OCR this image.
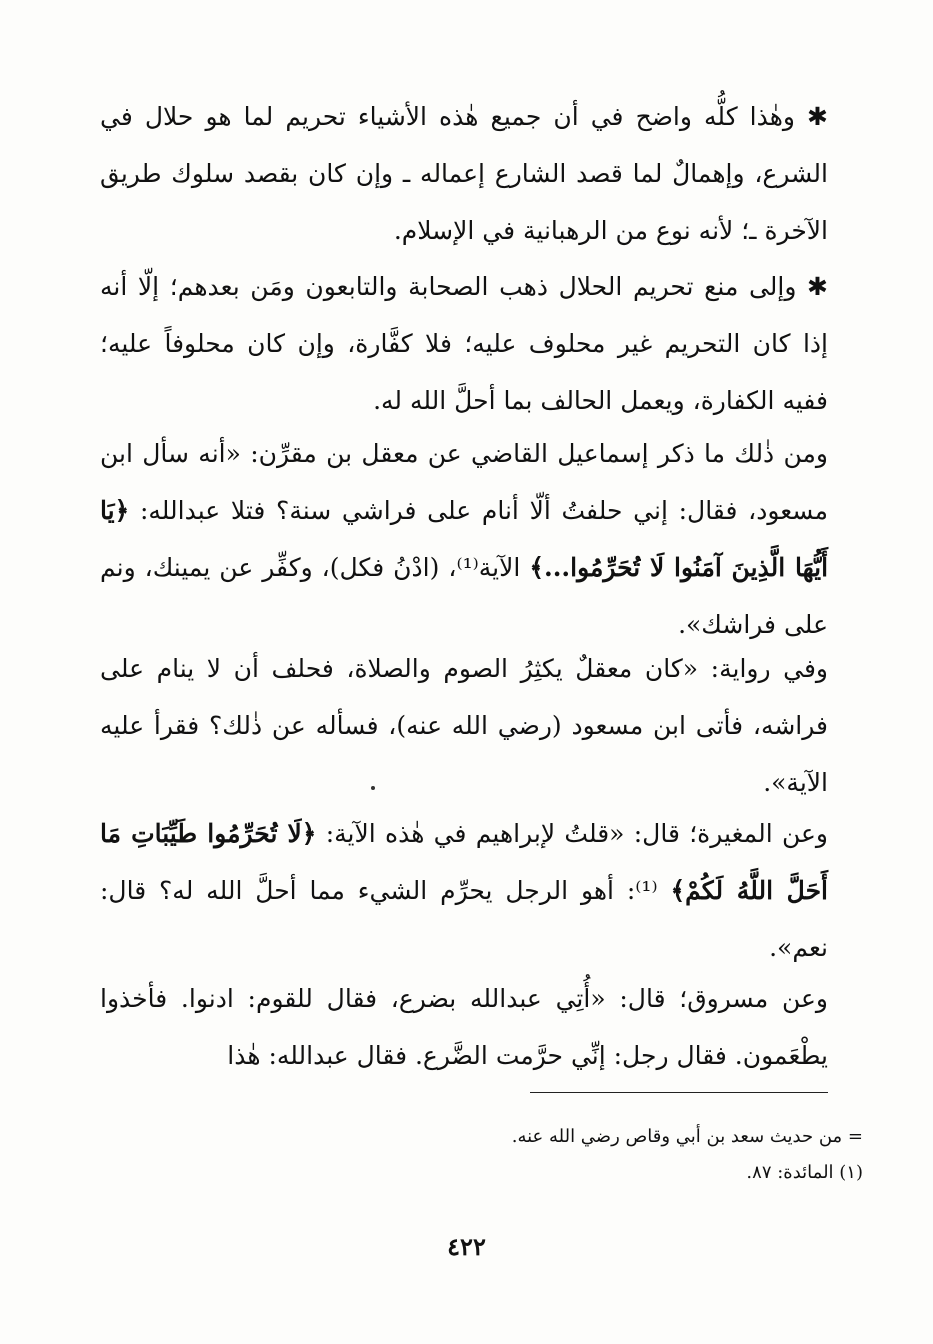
✱ وهٰذا كلُّه واضح في أن جميع هٰذه الأشياء تحريم لما هو حلال في الشرع، وإهمالٌ لما قصد الشارع إعماله ـ وإن كان بقصد سلوك طريق الآخرة ـ؛ لأنه نوع من الرهبانية في الإسلام.

✱ وإلى منع تحريم الحلال ذهب الصحابة والتابعون ومَن بعدهم؛ إلّا أنه إذا كان التحريم غير محلوف عليه؛ فلا كفَّارة، وإن كان محلوفاً عليه؛ ففيه الكفارة، ويعمل الحالف بما أحلَّ الله له.

ومن ذٰلك ما ذكر إسماعيل القاضي عن معقل بن مقرِّن: «أنه سأل ابن مسعود، فقال: إني حلفتُ ألّا أنام على فراشي سنة؟ فتلا عبدالله: ﴿يَا أَيُّهَا الَّذِينَ آمَنُوا لَا تُحَرِّمُوا...﴾ الآية⁽¹⁾، (ادْنُ فكل)، وكفِّر عن يمينك، ونم على فراشك».

وفي رواية: «كان معقلٌ يكثِرُ الصوم والصلاة، فحلف أن لا ينام على فراشه، فأتى ابن مسعود (رضي الله عنه)، فسأله عن ذٰلك؟ فقرأ عليه الآية».

وعن المغيرة؛ قال: «قلتُ لإبراهيم في هٰذه الآية: ﴿لَا تُحَرِّمُوا طَيِّبَاتِ مَا أَحَلَّ اللَّهُ لَكُمْ﴾ ⁽¹⁾: أهو الرجل يحرِّم الشيء مما أحلَّ الله له؟ قال: نعم».

وعن مسروق؛ قال: «أُتِي عبدالله بضرع، فقال للقوم: ادنوا. فأخذوا يطْعَمون. فقال رجل: إنِّي حرَّمت الضَّرع. فقال عبدالله: هٰذا

= من حديث سعد بن أبي وقاص رضي الله عنه.
(١) المائدة: ٨٧.
٤٢٢
